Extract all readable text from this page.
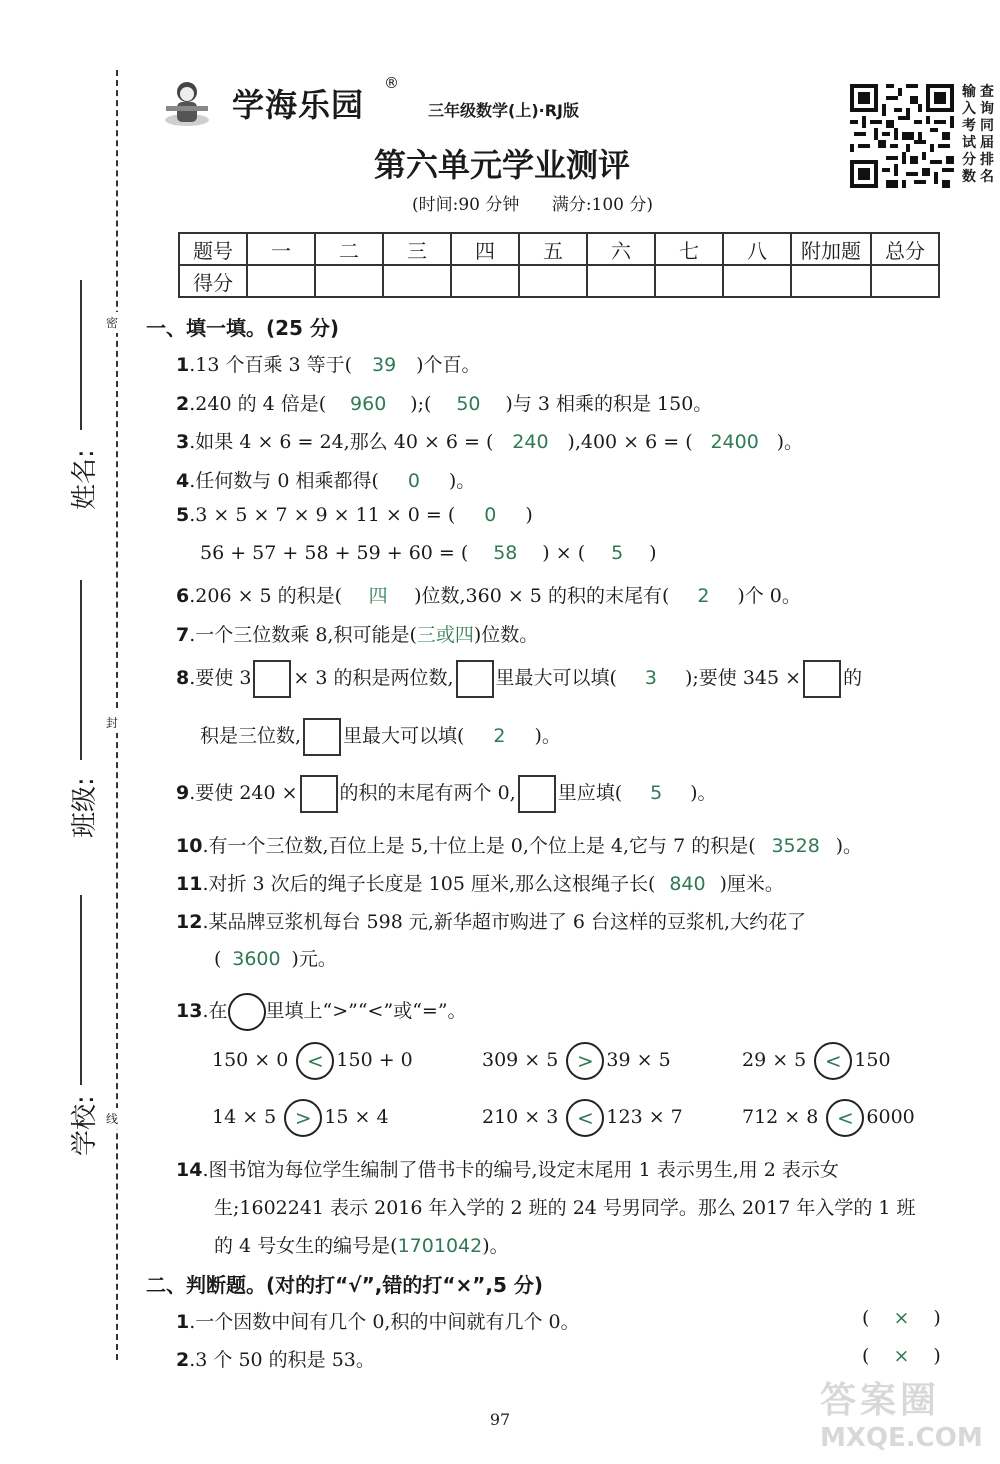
密
封
线
姓名:
班级:
学校:
学海乐园
®
三年级数学(上)·RJ版
输入考试分数
查询同届排名
第六单元学业测评
(时间:90 分钟      满分:100 分)
题号	一	二	三	四	五	六	七	八	附加题	总分
得分										
一、填一填。(25 分)
1.13 个百乘 3 等于( 39 )个百。
2.240 的 4 倍是( 960 );( 50 )与 3 相乘的积是 150。
3.如果 4 × 6 = 24,那么 40 × 6 = ( 240 ),400 × 6 = ( 2400 )。
4.任何数与 0 相乘都得( 0 )。
5.3 × 5 × 7 × 9 × 11 × 0 = ( 0 )
56 + 57 + 58 + 59 + 60 = ( 58 ) × ( 5 )
6.206 × 5 的积是( 四 )位数,360 × 5 的积的末尾有( 2 )个 0。
7.一个三位数乘 8,积可能是(三或四)位数。
8.要使 3 × 3 的积是两位数, 里最大可以填( 3 );要使 345 × 的
积是三位数, 里最大可以填( 2 )。
9.要使 240 × 的积的末尾有两个 0, 里应填( 5 )。
10.有一个三位数,百位上是 5,十位上是 0,个位上是 4,它与 7 的积是( 3528 )。
11.对折 3 次后的绳子长度是 105 厘米,那么这根绳子长( 840 )厘米。
12.某品牌豆浆机每台 598 元,新华超市购进了 6 台这样的豆浆机,大约花了
( 3600 )元。
13.在 里填上“>”“<”或“=”。
150 × 0 < 150 + 0	309 × 5 > 39 × 5	29 × 5 < 150
14 × 5 > 15 × 4	210 × 3 < 123 × 7	712 × 8 < 6000
14.图书馆为每位学生编制了借书卡的编号,设定末尾用 1 表示男生,用 2 表示女
生;1602241 表示 2016 年入学的 2 班的 24 号男同学。那么 2017 年入学的 1 班
的 4 号女生的编号是(1701042)。
二、判断题。(对的打“√”,错的打“×”,5 分)
1.一个因数中间有几个 0,积的中间就有几个 0。	( × )
2.3 个 50 的积是 53。	( × )
97	答案圈
MXQE.COM
